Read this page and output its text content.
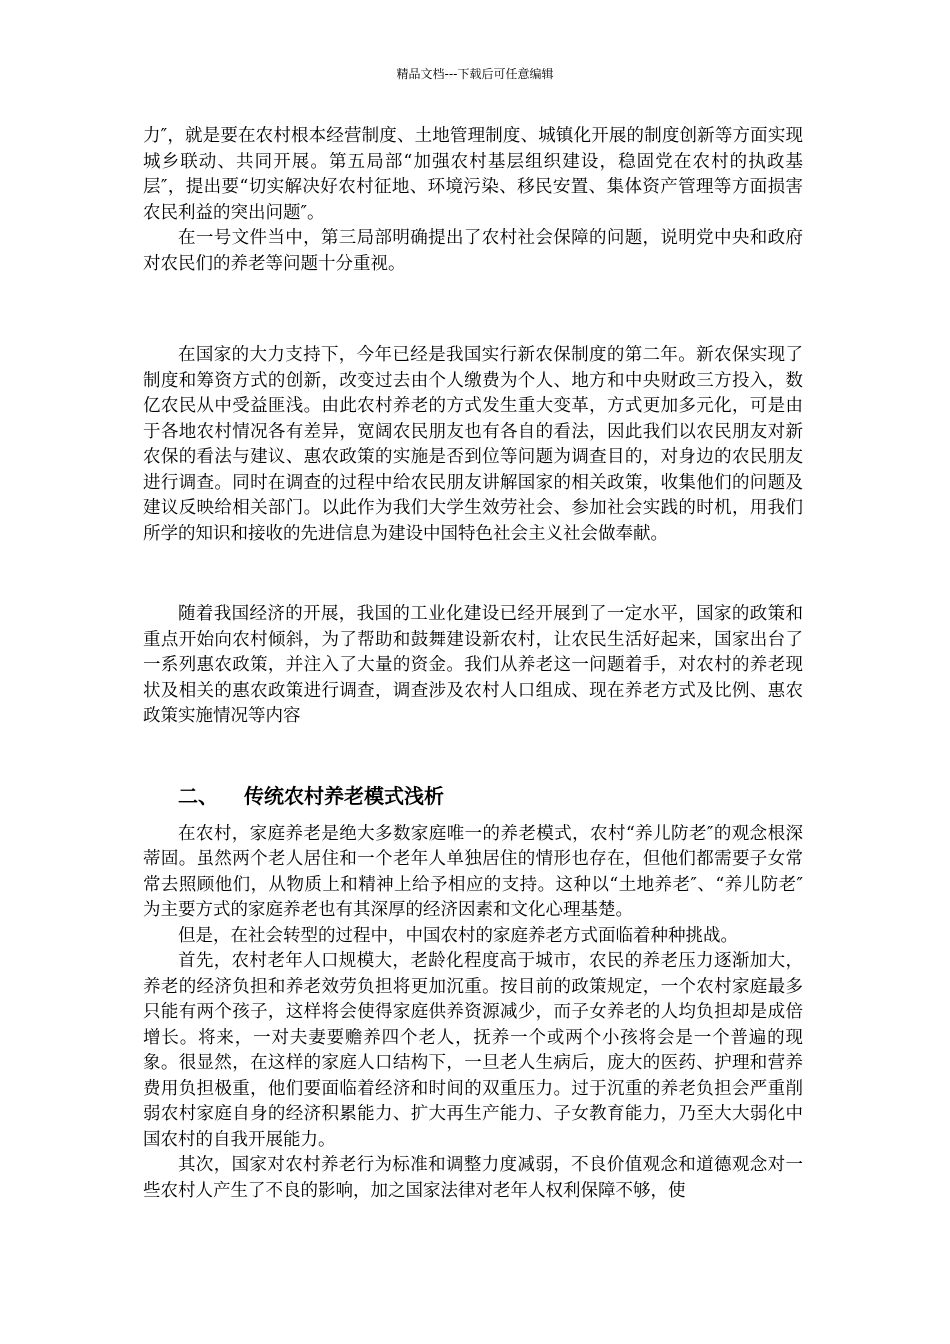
精品文档---下载后可任意编辑

力″，就是要在农村根本经营制度、土地管理制度、城镇化开展的制度创新等方面实现城乡联动、共同开展。第五局部“加强农村基层组织建设，稳固党在农村的执政基层″，提出要“切实解决好农村征地、环境污染、移民安置、集体资产管理等方面损害农民利益的突出问题″。

在一号文件当中，第三局部明确提出了农村社会保障的问题，说明党中央和政府对农民们的养老等问题十分重视。

在国家的大力支持下，今年已经是我国实行新农保制度的第二年。新农保实现了制度和筹资方式的创新，改变过去由个人缴费为个人、地方和中央财政三方投入，数亿农民从中受益匪浅。由此农村养老的方式发生重大变革，方式更加多元化，可是由于各地农村情况各有差异，宽阔农民朋友也有各自的看法，因此我们以农民朋友对新农保的看法与建议、惠农政策的实施是否到位等问题为调查目的，对身边的农民朋友进行调查。同时在调查的过程中给农民朋友讲解国家的相关政策，收集他们的问题及建议反映给相关部门。以此作为我们大学生效劳社会、参加社会实践的时机，用我们所学的知识和接收的先进信息为建设中国特色社会主义社会做奉献。

随着我国经济的开展，我国的工业化建设已经开展到了一定水平，国家的政策和重点开始向农村倾斜，为了帮助和鼓舞建设新农村，让农民生活好起来，国家出台了一系列惠农政策，并注入了大量的资金。我们从养老这一问题着手，对农村的养老现状及相关的惠农政策进行调查，调查涉及农村人口组成、现在养老方式及比例、惠农政策实施情况等内容

二、 传统农村养老模式浅析

在农村，家庭养老是绝大多数家庭唯一的养老模式，农村“养儿防老″的观念根深蒂固。虽然两个老人居住和一个老年人单独居住的情形也存在，但他们都需要子女常常去照顾他们，从物质上和精神上给予相应的支持。这种以“土地养老″、“养儿防老″为主要方式的家庭养老也有其深厚的经济因素和文化心理基楚。

但是，在社会转型的过程中，中国农村的家庭养老方式面临着种种挑战。

首先，农村老年人口规模大，老龄化程度高于城市，农民的养老压力逐渐加大，养老的经济负担和养老效劳负担将更加沉重。按目前的政策规定，一个农村家庭最多只能有两个孩子，这样将会使得家庭供养资源减少，而子女养老的人均负担却是成倍增长。将来，一对夫妻要赡养四个老人，抚养一个或两个小孩将会是一个普遍的现象。很显然，在这样的家庭人口结构下，一旦老人生病后，庞大的医药、护理和营养费用负担极重，他们要面临着经济和时间的双重压力。过于沉重的养老负担会严重削弱农村家庭自身的经济积累能力、扩大再生产能力、子女教育能力，乃至大大弱化中国农村的自我开展能力。

其次，国家对农村养老行为标准和调整力度减弱，不良价值观念和道德观念对一些农村人产生了不良的影响，加之国家法律对老年人权利保障不够，使
